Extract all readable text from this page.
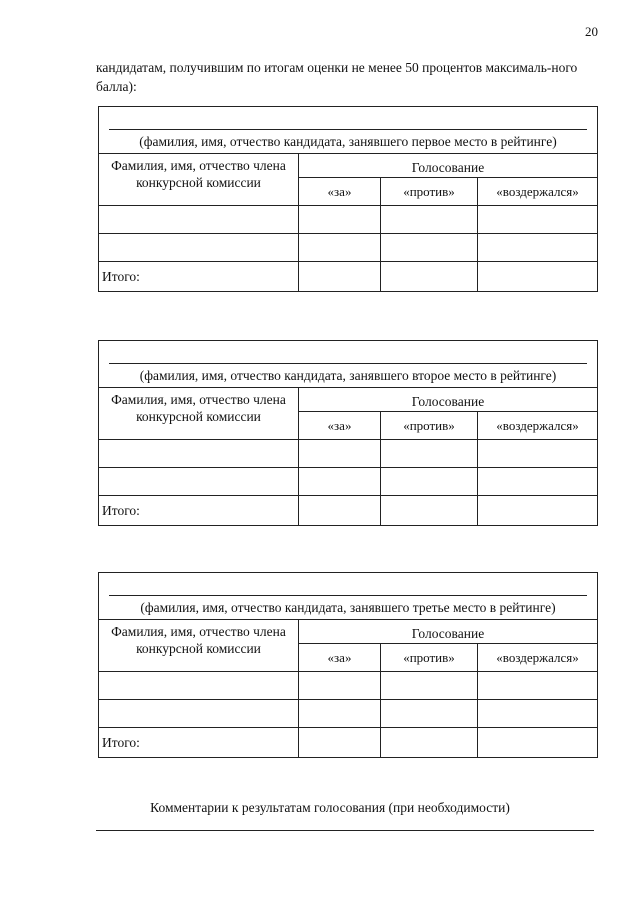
20
кандидатам, получившим по итогам оценки не менее 50 процентов максималь-ного балла):
(фамилия, имя, отчество кандидата, занявшего первое место в рейтинге)			

Фамилия, имя, отчество члена конкурсной комиссии	Голосование		
	«за»	«против»	«воздержался»

Итого:			
(фамилия, имя, отчество кандидата, занявшего второе место в рейтинге)			

Фамилия, имя, отчество члена конкурсной комиссии	Голосование		
	«за»	«против»	«воздержался»

Итого:			
(фамилия, имя, отчество кандидата, занявшего третье место в рейтинге)			

Фамилия, имя, отчество члена конкурсной комиссии	Голосование		
	«за»	«против»	«воздержался»

Итого:			
Комментарии к результатам голосования (при необходимости)
